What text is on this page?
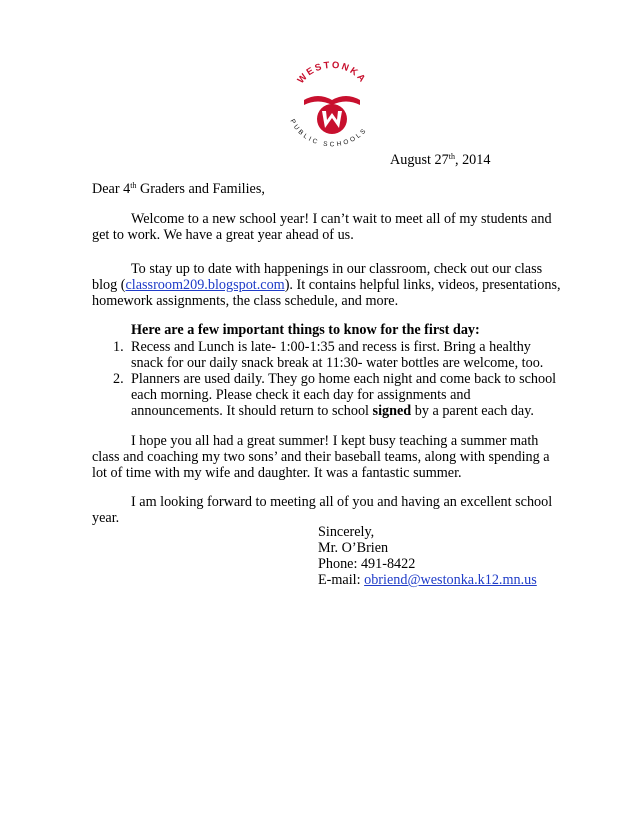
WESTONKA
PUBLIC SCHOOLS
August 27th, 2014
Dear 4th Graders and Families,
Welcome to a new school year! I can’t wait to meet all of my students and
get to work. We have a great year ahead of us.
To stay up to date with happenings in our classroom, check out our class
blog (classroom209.blogspot.com). It contains helpful links, videos, presentations,
homework assignments, the class schedule, and more.
Here are a few important things to know for the first day:
1. Recess and Lunch is late- 1:00-1:35 and recess is first. Bring a healthy
snack for our daily snack break at 11:30- water bottles are welcome, too.
2. Planners are used daily. They go home each night and come back to school
each morning. Please check it each day for assignments and
announcements. It should return to school signed by a parent each day.
I hope you all had a great summer! I kept busy teaching a summer math
class and coaching my two sons’ and their baseball teams, along with spending a
lot of time with my wife and daughter. It was a fantastic summer.
I am looking forward to meeting all of you and having an excellent school
year.
Sincerely,
Mr. O’Brien
Phone: 491-8422
E-mail: obriend@westonka.k12.mn.us
